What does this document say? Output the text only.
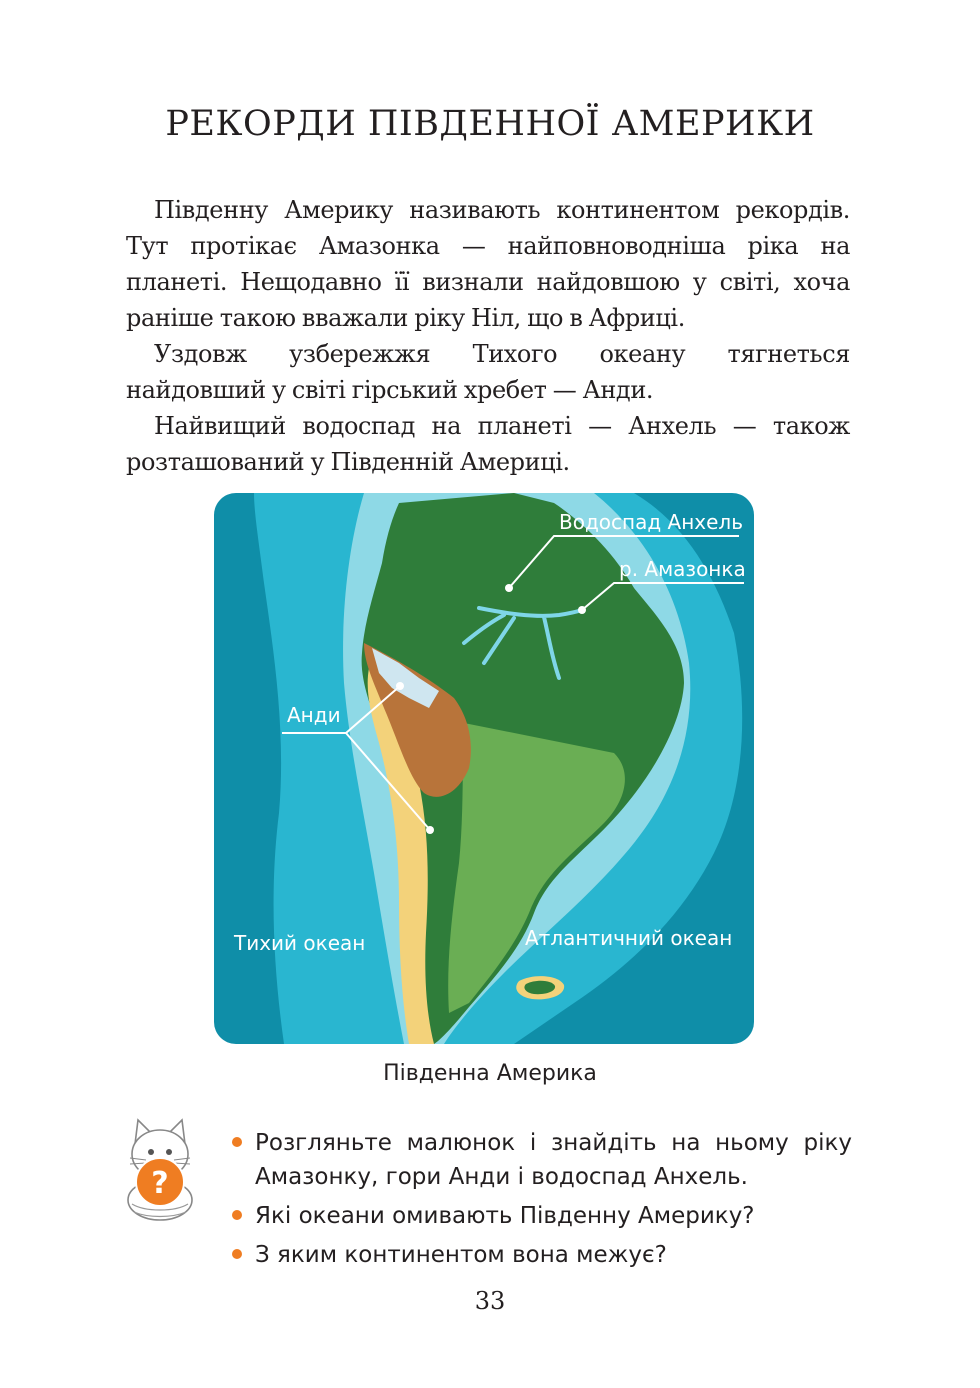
РЕКОРДИ ПІВДЕННОЇ АМЕРИКИ

Південну Америку називають континентом рекордів. Тут протікає Амазонка — найповноводніша ріка на планеті. Нещодавно її визнали найдовшою у світі, хоча раніше такою вважали ріку Ніл, що в Африці.

Уздовж узбережжя Тихого океану тягнеться найдовший у світі гірський хребет — Анди.

Найвищий водоспад на планеті — Анхель — також розташований у Південній Америці.

Водоспад Анхель
р. Амазонка
Анди
Тихий океан	Атлантичний океан
Південна Америка
?
Розгляньте малюнок і знайдіть на ньому ріку Амазонку, гори Анди і водоспад Анхель.
Які океани омивають Південну Америку?
З яким континентом вона межує?
33
